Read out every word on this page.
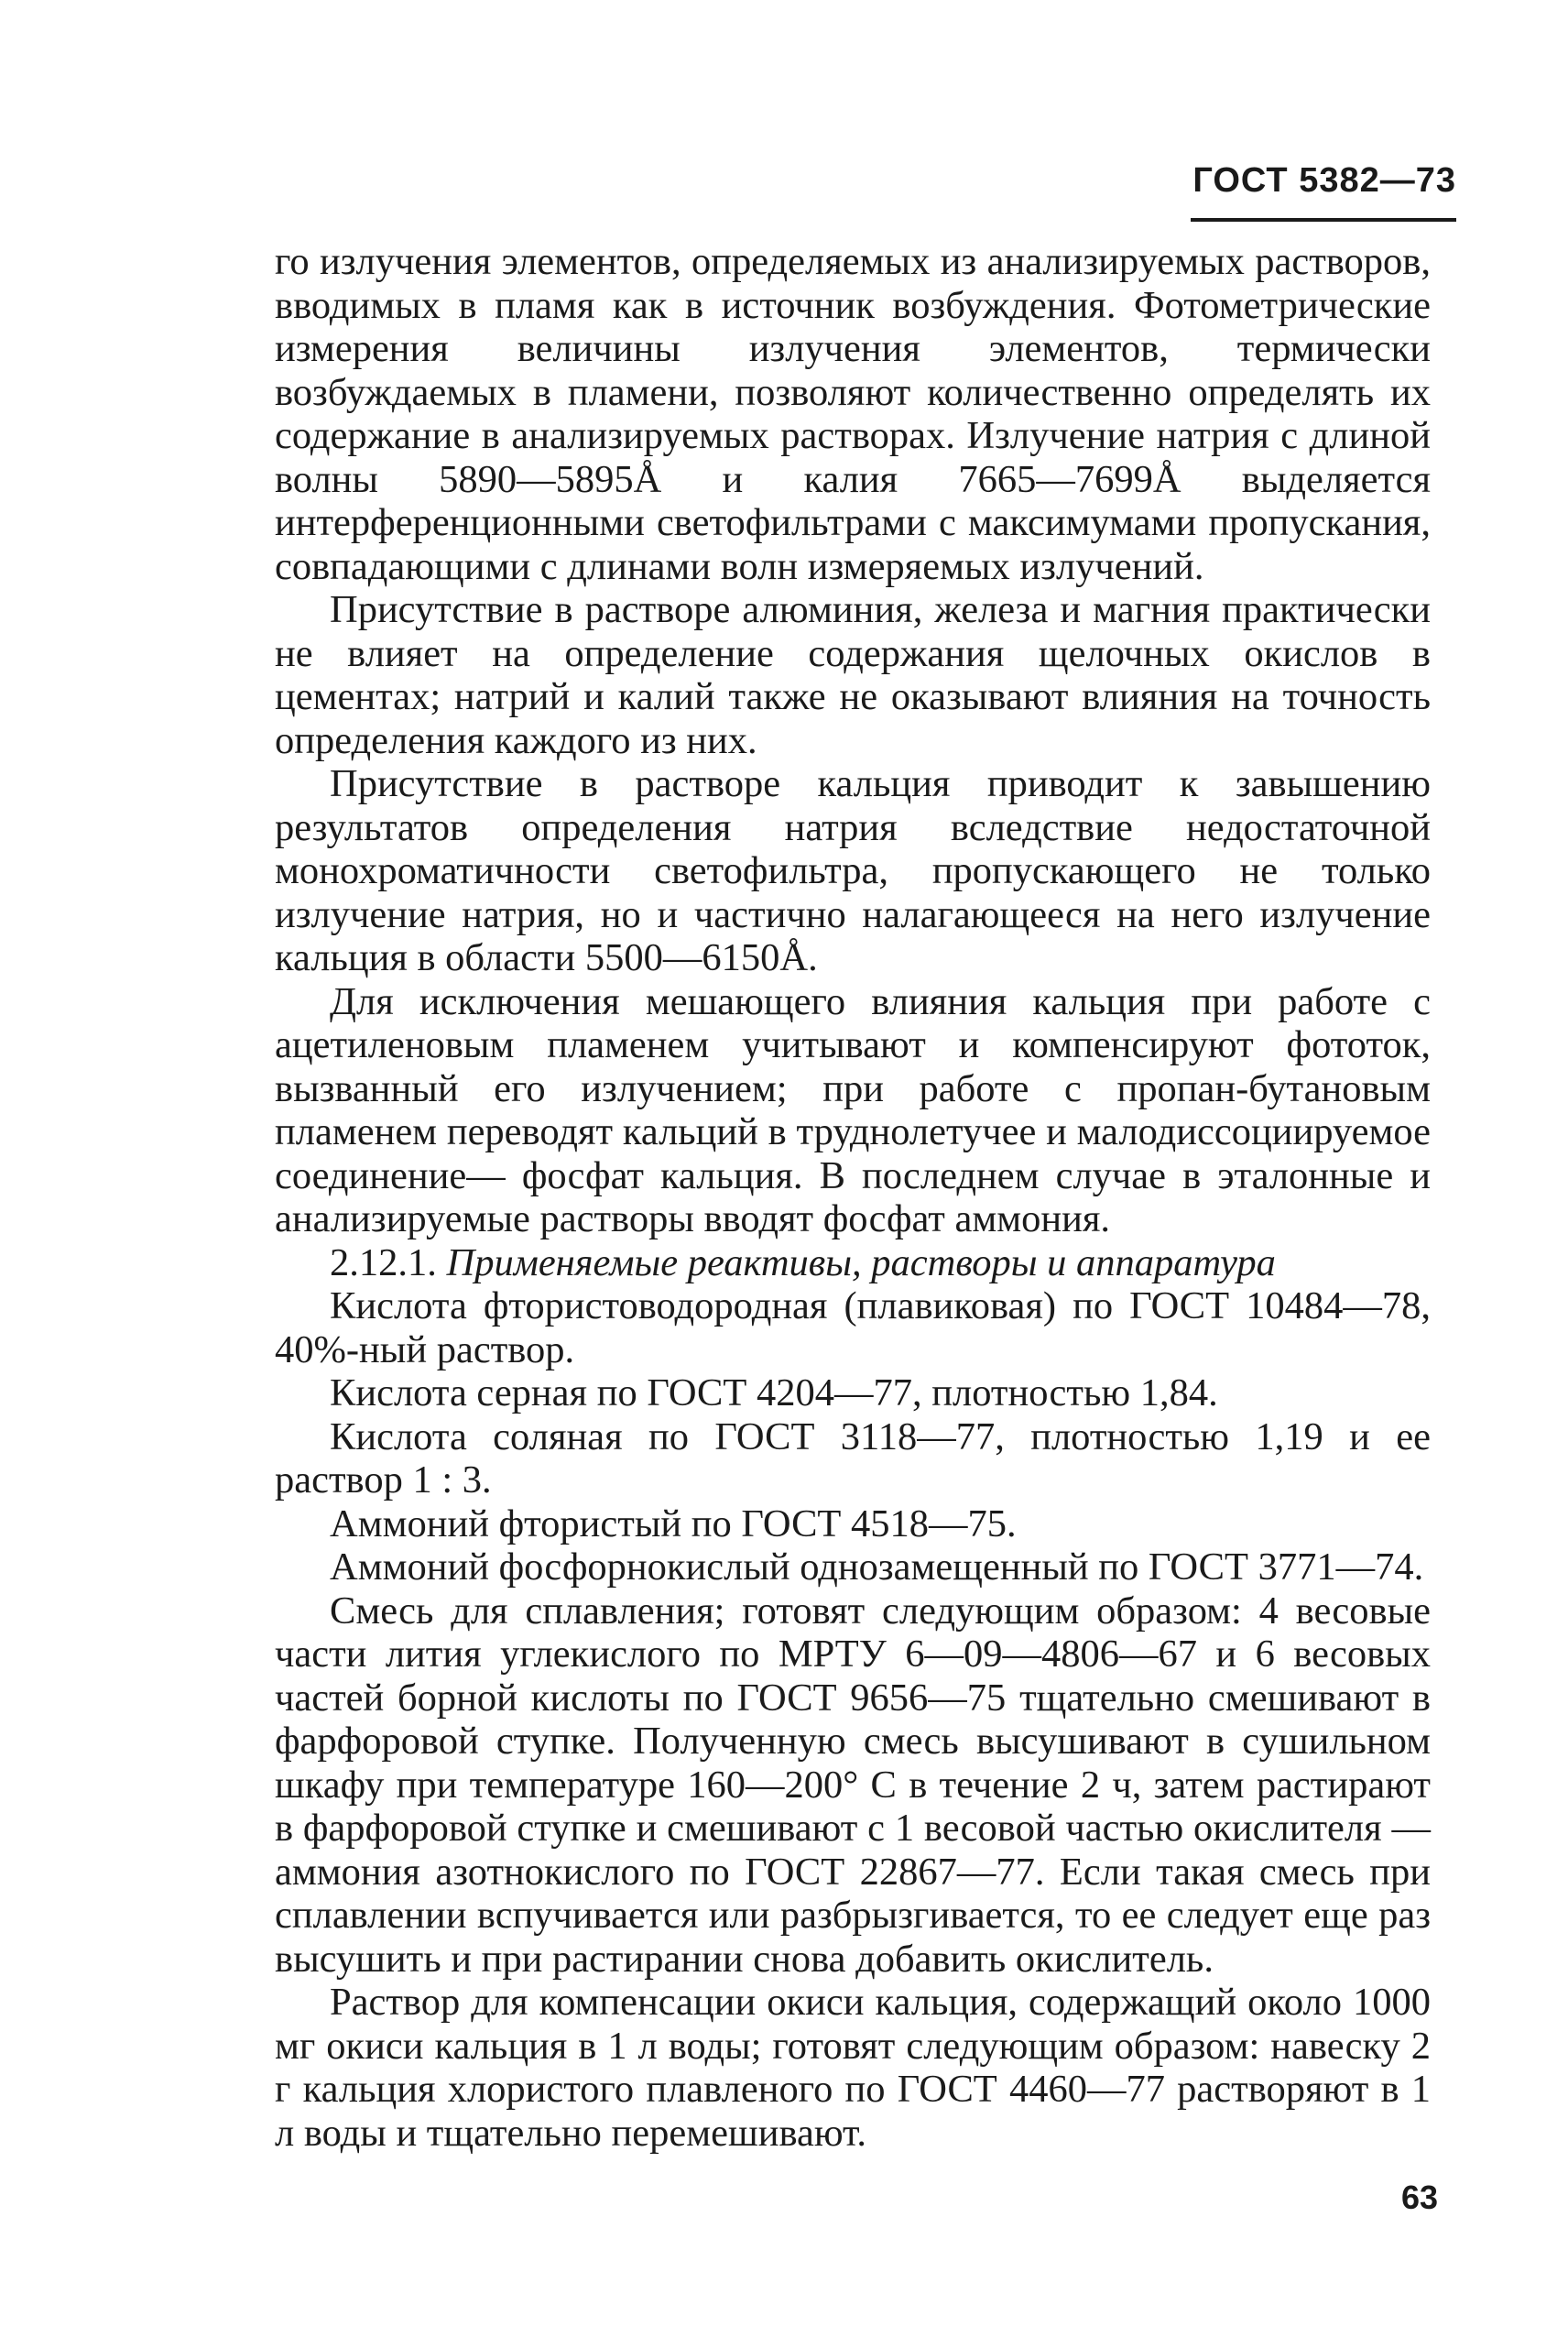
ГОСТ 5382—73

го излучения элементов, определяемых из анализируемых растворов, вводимых в пламя как в источник возбуждения. Фотометрические измерения величины излучения элементов, термически возбуждаемых в пламени, позволяют количественно определять их содержание в анализируемых растворах. Излучение натрия с длиной волны 5890—5895Å и калия 7665—7699Å выделяется интерференционными светофильтрами с максимумами пропускания, совпадающими с длинами волн измеряемых излучений.

Присутствие в растворе алюминия, железа и магния практически не влияет на определение содержания щелочных окислов в цементах; натрий и калий также не оказывают влияния на точность определения каждого из них.

Присутствие в растворе кальция приводит к завышению результатов определения натрия вследствие недостаточной монохроматичности светофильтра, пропускающего не только излучение натрия, но и частично налагающееся на него излучение кальция в области 5500—6150Å.

Для исключения мешающего влияния кальция при работе с ацетиленовым пламенем учитывают и компенсируют фототок, вызванный его излучением; при работе с пропан-бутановым пламенем переводят кальций в труднолетучее и малодиссоциируемое соединение— фосфат кальция. В последнем случае в эталонные и анализируемые растворы вводят фосфат аммония.

2.12.1. Применяемые реактивы, растворы и аппаратура

Кислота фтористоводородная (плавиковая) по ГОСТ 10484—78, 40%-ный раствор.

Кислота серная по ГОСТ 4204—77, плотностью 1,84.

Кислота соляная по ГОСТ 3118—77, плотностью 1,19 и ее раствор 1 : 3.

Аммоний фтористый по ГОСТ 4518—75.

Аммоний фосфорнокислый однозамещенный по ГОСТ 3771—74.

Смесь для сплавления; готовят следующим образом: 4 весовые части лития углекислого по МРТУ 6—09—4806—67 и 6 весовых частей борной кислоты по ГОСТ 9656—75 тщательно смешивают в фарфоровой ступке. Полученную смесь высушивают в сушильном шкафу при температуре 160—200° С в течение 2 ч, затем растирают в фарфоровой ступке и смешивают с 1 весовой частью окислителя — аммония азотнокислого по ГОСТ 22867—77. Если такая смесь при сплавлении вспучивается или разбрызгивается, то ее следует еще раз высушить и при растирании снова добавить окислитель.

Раствор для компенсации окиси кальция, содержащий около 1000 мг окиси кальция в 1 л воды; готовят следующим образом: навеску 2 г кальция хлористого плавленого по ГОСТ 4460—77 растворяют в 1 л воды и тщательно перемешивают.

63
